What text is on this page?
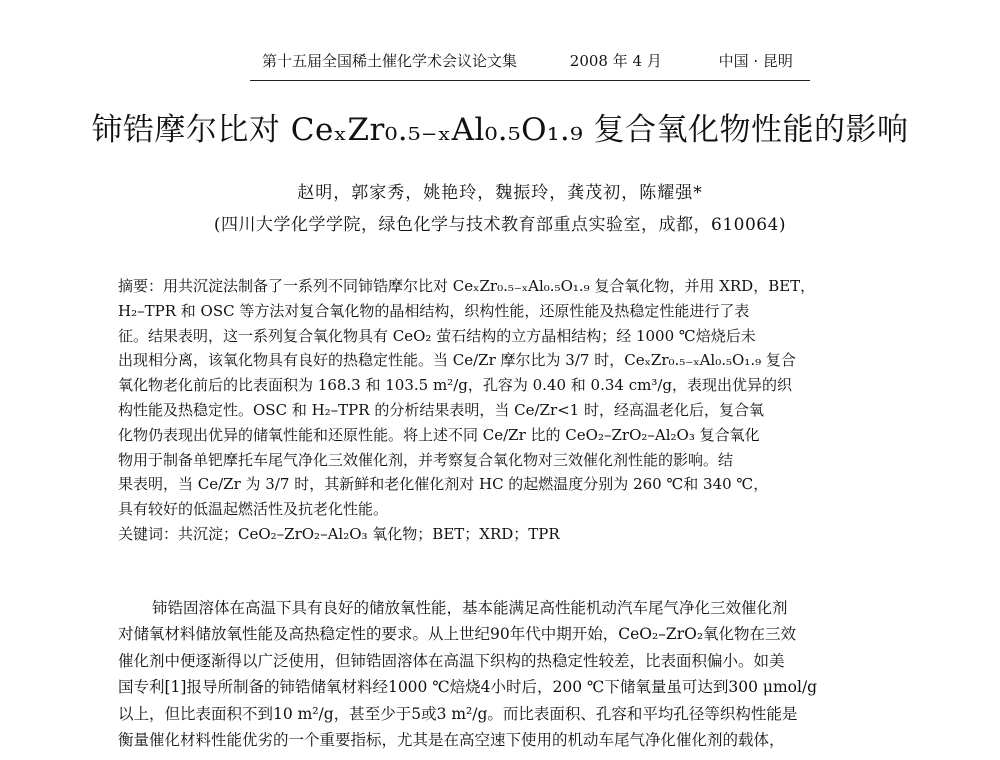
第十五届全国稀土催化学术会议论文集	2008 年 4 月	中国 · 昆明
铈锆摩尔比对 CeₓZr₀.₅₋ₓAl₀.₅O₁.₉ 复合氧化物性能的影响
赵明，郭家秀，姚艳玲，魏振玲，龚茂初，陈耀强*
(四川大学化学学院，绿色化学与技术教育部重点实验室，成都，610064)
摘要：用共沉淀法制备了一系列不同铈锆摩尔比对 CeₓZr₀.₅₋ₓAl₀.₅O₁.₉ 复合氧化物，并用 XRD，BET，
H₂–TPR 和 OSC 等方法对复合氧化物的晶相结构，织构性能，还原性能及热稳定性能进行了表
征。结果表明，这一系列复合氧化物具有 CeO₂ 萤石结构的立方晶相结构；经 1000 ℃焙烧后未
出现相分离，该氧化物具有良好的热稳定性能。当 Ce/Zr 摩尔比为 3/7 时，CeₓZr₀.₅₋ₓAl₀.₅O₁.₉ 复合
氧化物老化前后的比表面积为 168.3 和 103.5 m²/g，孔容为 0.40 和 0.34 cm³/g，表现出优异的织
构性能及热稳定性。OSC 和 H₂–TPR 的分析结果表明，当 Ce/Zr<1 时，经高温老化后，复合氧
化物仍表现出优异的储氧性能和还原性能。将上述不同 Ce/Zr 比的 CeO₂–ZrO₂–Al₂O₃ 复合氧化
物用于制备单钯摩托车尾气净化三效催化剂，并考察复合氧化物对三效催化剂性能的影响。结
果表明，当 Ce/Zr 为 3/7 时，其新鲜和老化催化剂对 HC 的起燃温度分别为 260 ℃和 340 ℃，
具有较好的低温起燃活性及抗老化性能。
关键词：共沉淀；CeO₂–ZrO₂–Al₂O₃ 氧化物；BET；XRD；TPR
铈锆固溶体在高温下具有良好的储放氧性能，基本能满足高性能机动汽车尾气净化三效催化剂
对储氧材料储放氧性能及高热稳定性的要求。从上世纪90年代中期开始，CeO₂–ZrO₂氧化物在三效
催化剂中便逐渐得以广泛使用，但铈锆固溶体在高温下织构的热稳定性较差，比表面积偏小。如美
国专利[1]报导所制备的铈锆储氧材料经1000 ℃焙烧4小时后，200 ℃下储氧量虽可达到300 μmol/g
以上，但比表面积不到10 m²/g，甚至少于5或3 m²/g。而比表面积、孔容和平均孔径等织构性能是
衡量催化材料性能优劣的一个重要指标，尤其是在高空速下使用的机动车尾气净化催化剂的载体，
